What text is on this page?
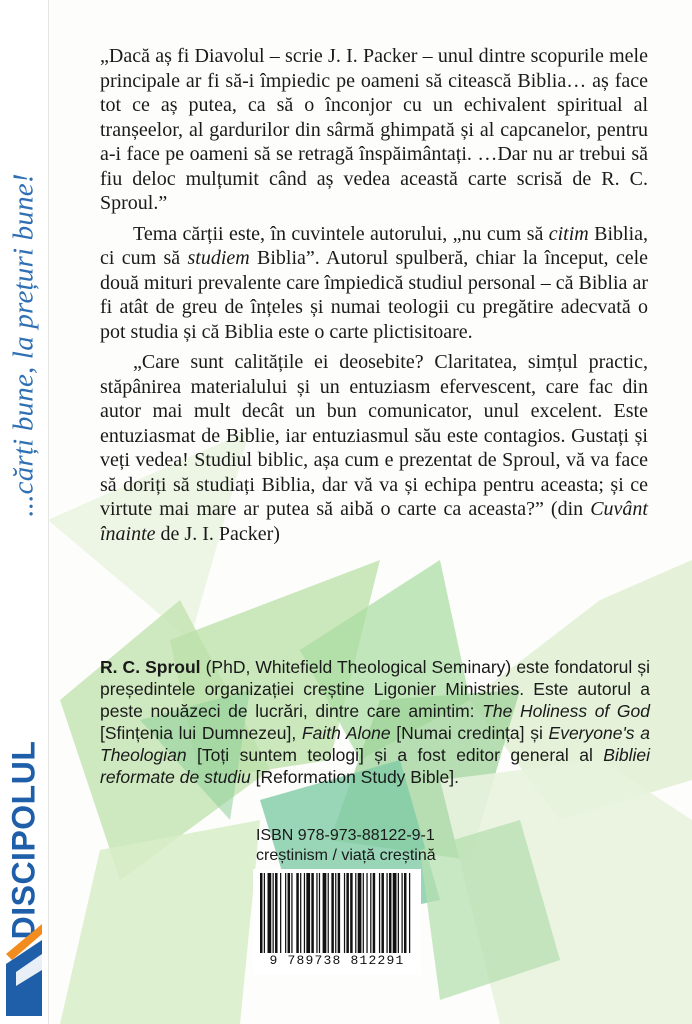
...cărți bune, la prețuri bune!
DISCIPOLUL

„Dacă aș fi Diavolul – scrie J. I. Packer – unul dintre scopurile mele principale ar fi să-i împiedic pe oameni să citească Biblia… aș face tot ce aș putea, ca să o înconjor cu un echivalent spiritual al tranșeelor, al gardurilor din sârmă ghimpată și al capcanelor, pentru a-i face pe oameni să se retragă înspăimântați. …Dar nu ar trebui să fiu deloc mulțumit când aș vedea această carte scrisă de R. C. Sproul.”

Tema cărții este, în cuvintele autorului, „nu cum să citim Biblia, ci cum să studiem Biblia”. Autorul spulberă, chiar la început, cele două mituri prevalente care împiedică studiul personal – că Biblia ar fi atât de greu de înțeles și numai teologii cu pregătire adecvată o pot studia și că Biblia este o carte plictisitoare.

„Care sunt calitățile ei deosebite? Claritatea, simțul practic, stăpânirea materialului și un entuziasm efervescent, care fac din autor mai mult decât un bun comunicator, unul excelent. Este entuziasmat de Biblie, iar entuziasmul său este contagios. Gustați și veți vedea! Studiul biblic, așa cum e prezentat de Sproul, vă va face să doriți să studiați Biblia, dar vă va și echipa pentru aceasta; și ce virtute mai mare ar putea să aibă o carte ca aceasta?” (din Cuvânt înainte de J. I. Packer)

R. C. Sproul (PhD, Whitefield Theological Seminary) este fondatorul și președintele organizației creștine Ligonier Ministries. Este autorul a peste nouăzeci de lucrări, dintre care amintim: The Holiness of God [Sfințenia lui Dumnezeu], Faith Alone [Numai credința] și Everyone's a Theologian [Toți suntem teologi] și a fost editor general al Bibliei reformate de studiu [Reformation Study Bible].
ISBN 978-973-88122-9-1
creștinism / viață creștină
9 789738 812291
